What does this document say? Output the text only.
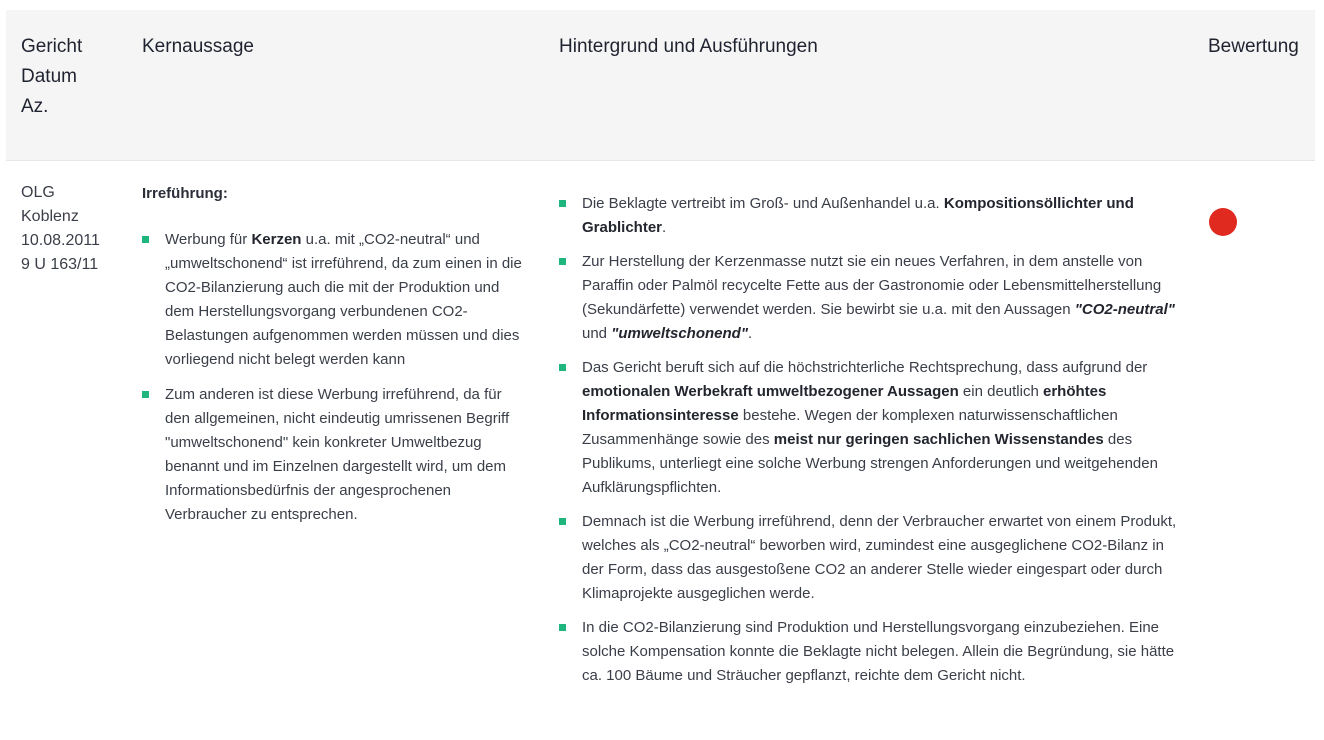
Gericht
Datum
Az.
Kernaussage	Hintergrund und Ausführungen	Bewertung
OLG
Koblenz
10.08.2011
9 U 163/11
Irreführung:
Werbung für Kerzen u.a. mit „CO2-neutral“ und „umweltschonend“ ist irreführend, da zum einen in die CO2-Bilanzierung auch die mit der Produktion und dem Herstellungsvorgang verbundenen CO2-Belastungen aufgenommen werden müssen und dies vorliegend nicht belegt werden kann
Zum anderen ist diese Werbung irreführend, da für den allgemeinen, nicht eindeutig umrissenen Begriff "umweltschonend" kein konkreter Umweltbezug benannt und im Einzelnen dargestellt wird, um dem Informationsbedürfnis der angesprochenen Verbraucher zu entsprechen.
Die Beklagte vertreibt im Groß- und Außenhandel u.a. Kompositionsöllichter und Grablichter.
Zur Herstellung der Kerzenmasse nutzt sie ein neues Verfahren, in dem anstelle von Paraffin oder Palmöl recycelte Fette aus der Gastronomie oder Lebensmittelherstellung (Sekundärfette) verwendet werden. Sie bewirbt sie u.a. mit den Aussagen "CO2-neutral" und "umweltschonend".
Das Gericht beruft sich auf die höchstrichterliche Rechtsprechung, dass aufgrund der emotionalen Werbekraft umweltbezogener Aussagen ein deutlich erhöhtes Informationsinteresse bestehe. Wegen der komplexen naturwissenschaftlichen Zusammenhänge sowie des meist nur geringen sachlichen Wissenstandes des Publikums, unterliegt eine solche Werbung strengen Anforderungen und weitgehenden Aufklärungspflichten.
Demnach ist die Werbung irreführend, denn der Verbraucher erwartet von einem Produkt, welches als „CO2-neutral“ beworben wird, zumindest eine ausgeglichene CO2-Bilanz in der Form, dass das ausgestoßene CO2 an anderer Stelle wieder eingespart oder durch Klimaprojekte ausgeglichen werde.
In die CO2-Bilanzierung sind Produktion und Herstellungsvorgang einzubeziehen. Eine solche Kompensation konnte die Beklagte nicht belegen. Allein die Begründung, sie hätte ca. 100 Bäume und Sträucher gepflanzt, reichte dem Gericht nicht.
